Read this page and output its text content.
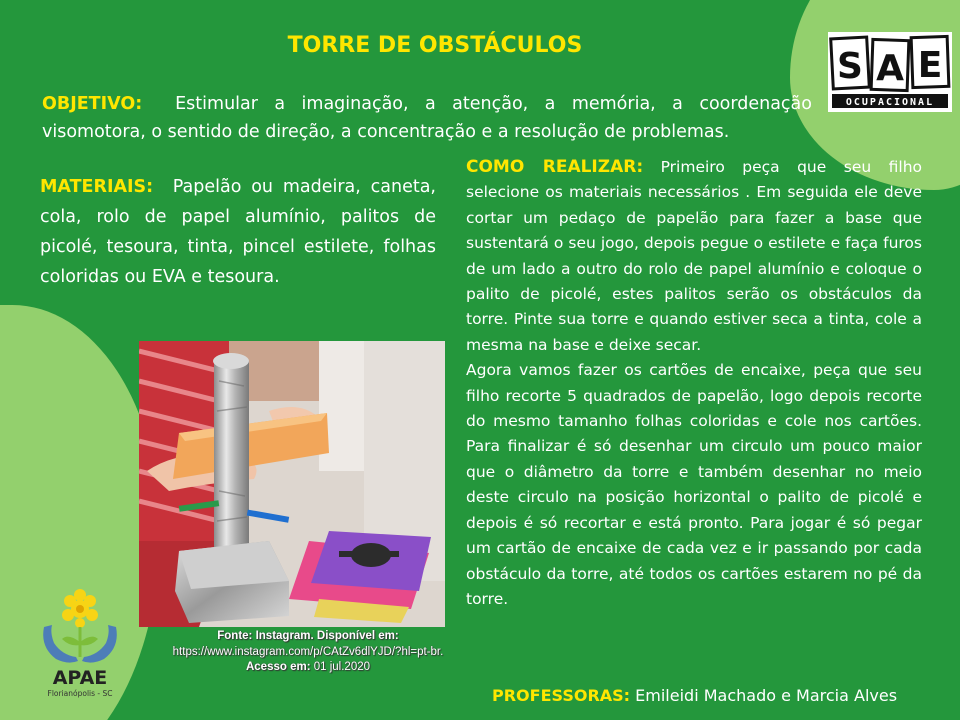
TORRE DE OBSTÁCULOS
OBJETIVO: Estimular a imaginação, a atenção, a memória, a coordenação visomotora, o sentido de direção, a concentração e a resolução de problemas.
MATERIAIS: Papelão ou madeira, caneta, cola, rolo de papel alumínio, palitos de picolé, tesoura, tinta, pincel estilete, folhas coloridas ou EVA e tesoura.

COMO REALIZAR: Primeiro peça que seu filho selecione os materiais necessários . Em seguida ele deve cortar um pedaço de papelão para fazer a base que sustentará o seu jogo, depois pegue o estilete e faça furos de um lado a outro do rolo de papel alumínio e coloque o palito de picolé, estes palitos serão os obstáculos da torre. Pinte sua torre e quando estiver seca a tinta, cole a mesma na base e deixe secar.

Agora vamos fazer os cartões de encaixe, peça que seu filho recorte 5 quadrados de papelão, logo depois recorte do mesmo tamanho folhas coloridas e cole nos cartões. Para finalizar é só desenhar um circulo um pouco maior que o diâmetro da torre e também desenhar no meio deste circulo na posição horizontal o palito de picolé e depois é só recortar e está pronto. Para jogar é só pegar um cartão de encaixe de cada vez e ir passando por cada obstáculo da torre, até todos os cartões estarem no pé da torre.

Fonte: Instagram. Disponível em:
https://www.instagram.com/p/CAtZv6dlYJD/?hl=pt-br. Acesso em: 01 jul.2020
PROFESSORAS: Emileidi Machado e Marcia Alves
S A E
OCUPACIONAL
APAE
Florianópolis - SC
